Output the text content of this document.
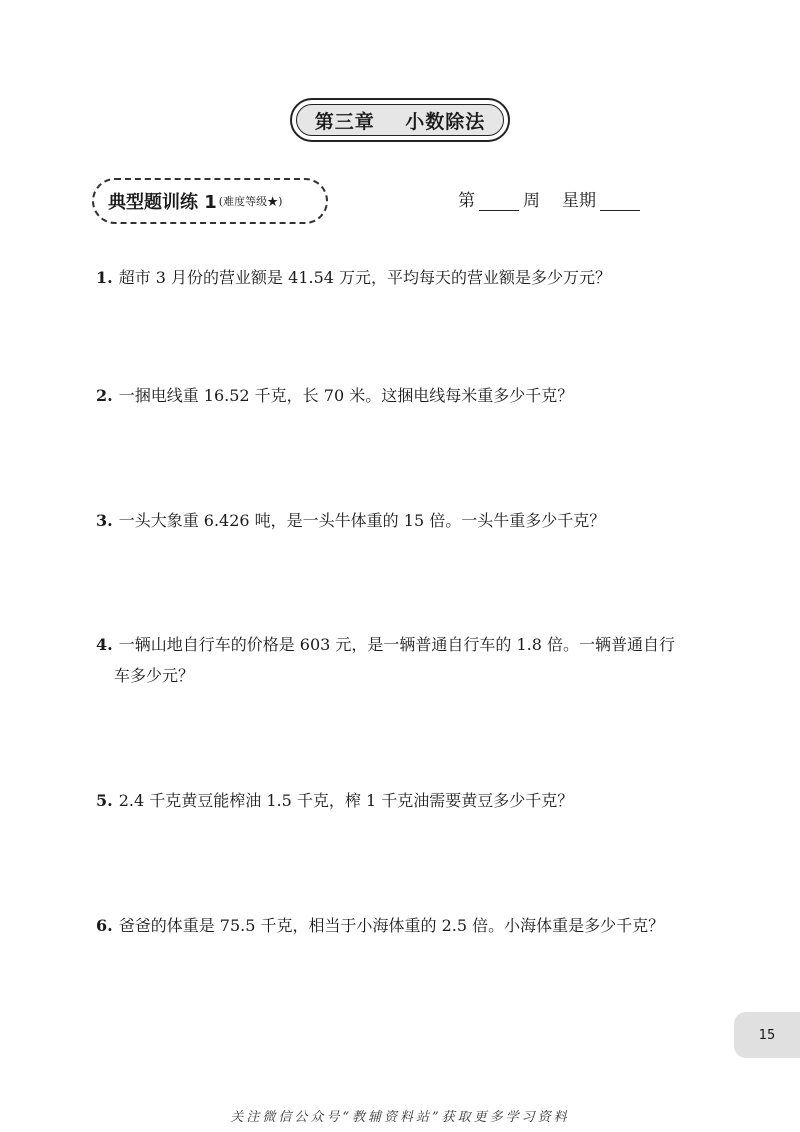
第三章    小数除法
典型题训练 1 (难度等级★)	第	周 星期
1. 超市 3 月份的营业额是 41.54 万元，平均每天的营业额是多少万元？
2. 一捆电线重 16.52 千克，长 70 米。这捆电线每米重多少千克？
3. 一头大象重 6.426 吨，是一头牛体重的 15 倍。一头牛重多少千克？
4. 一辆山地自行车的价格是 603 元，是一辆普通自行车的 1.8 倍。一辆普通自行
车多少元？
5. 2.4 千克黄豆能榨油 1.5 千克，榨 1 千克油需要黄豆多少千克？
6. 爸爸的体重是 75.5 千克，相当于小海体重的 2.5 倍。小海体重是多少千克？
15
关注微信公众号“教辅资料站”获取更多学习资料
